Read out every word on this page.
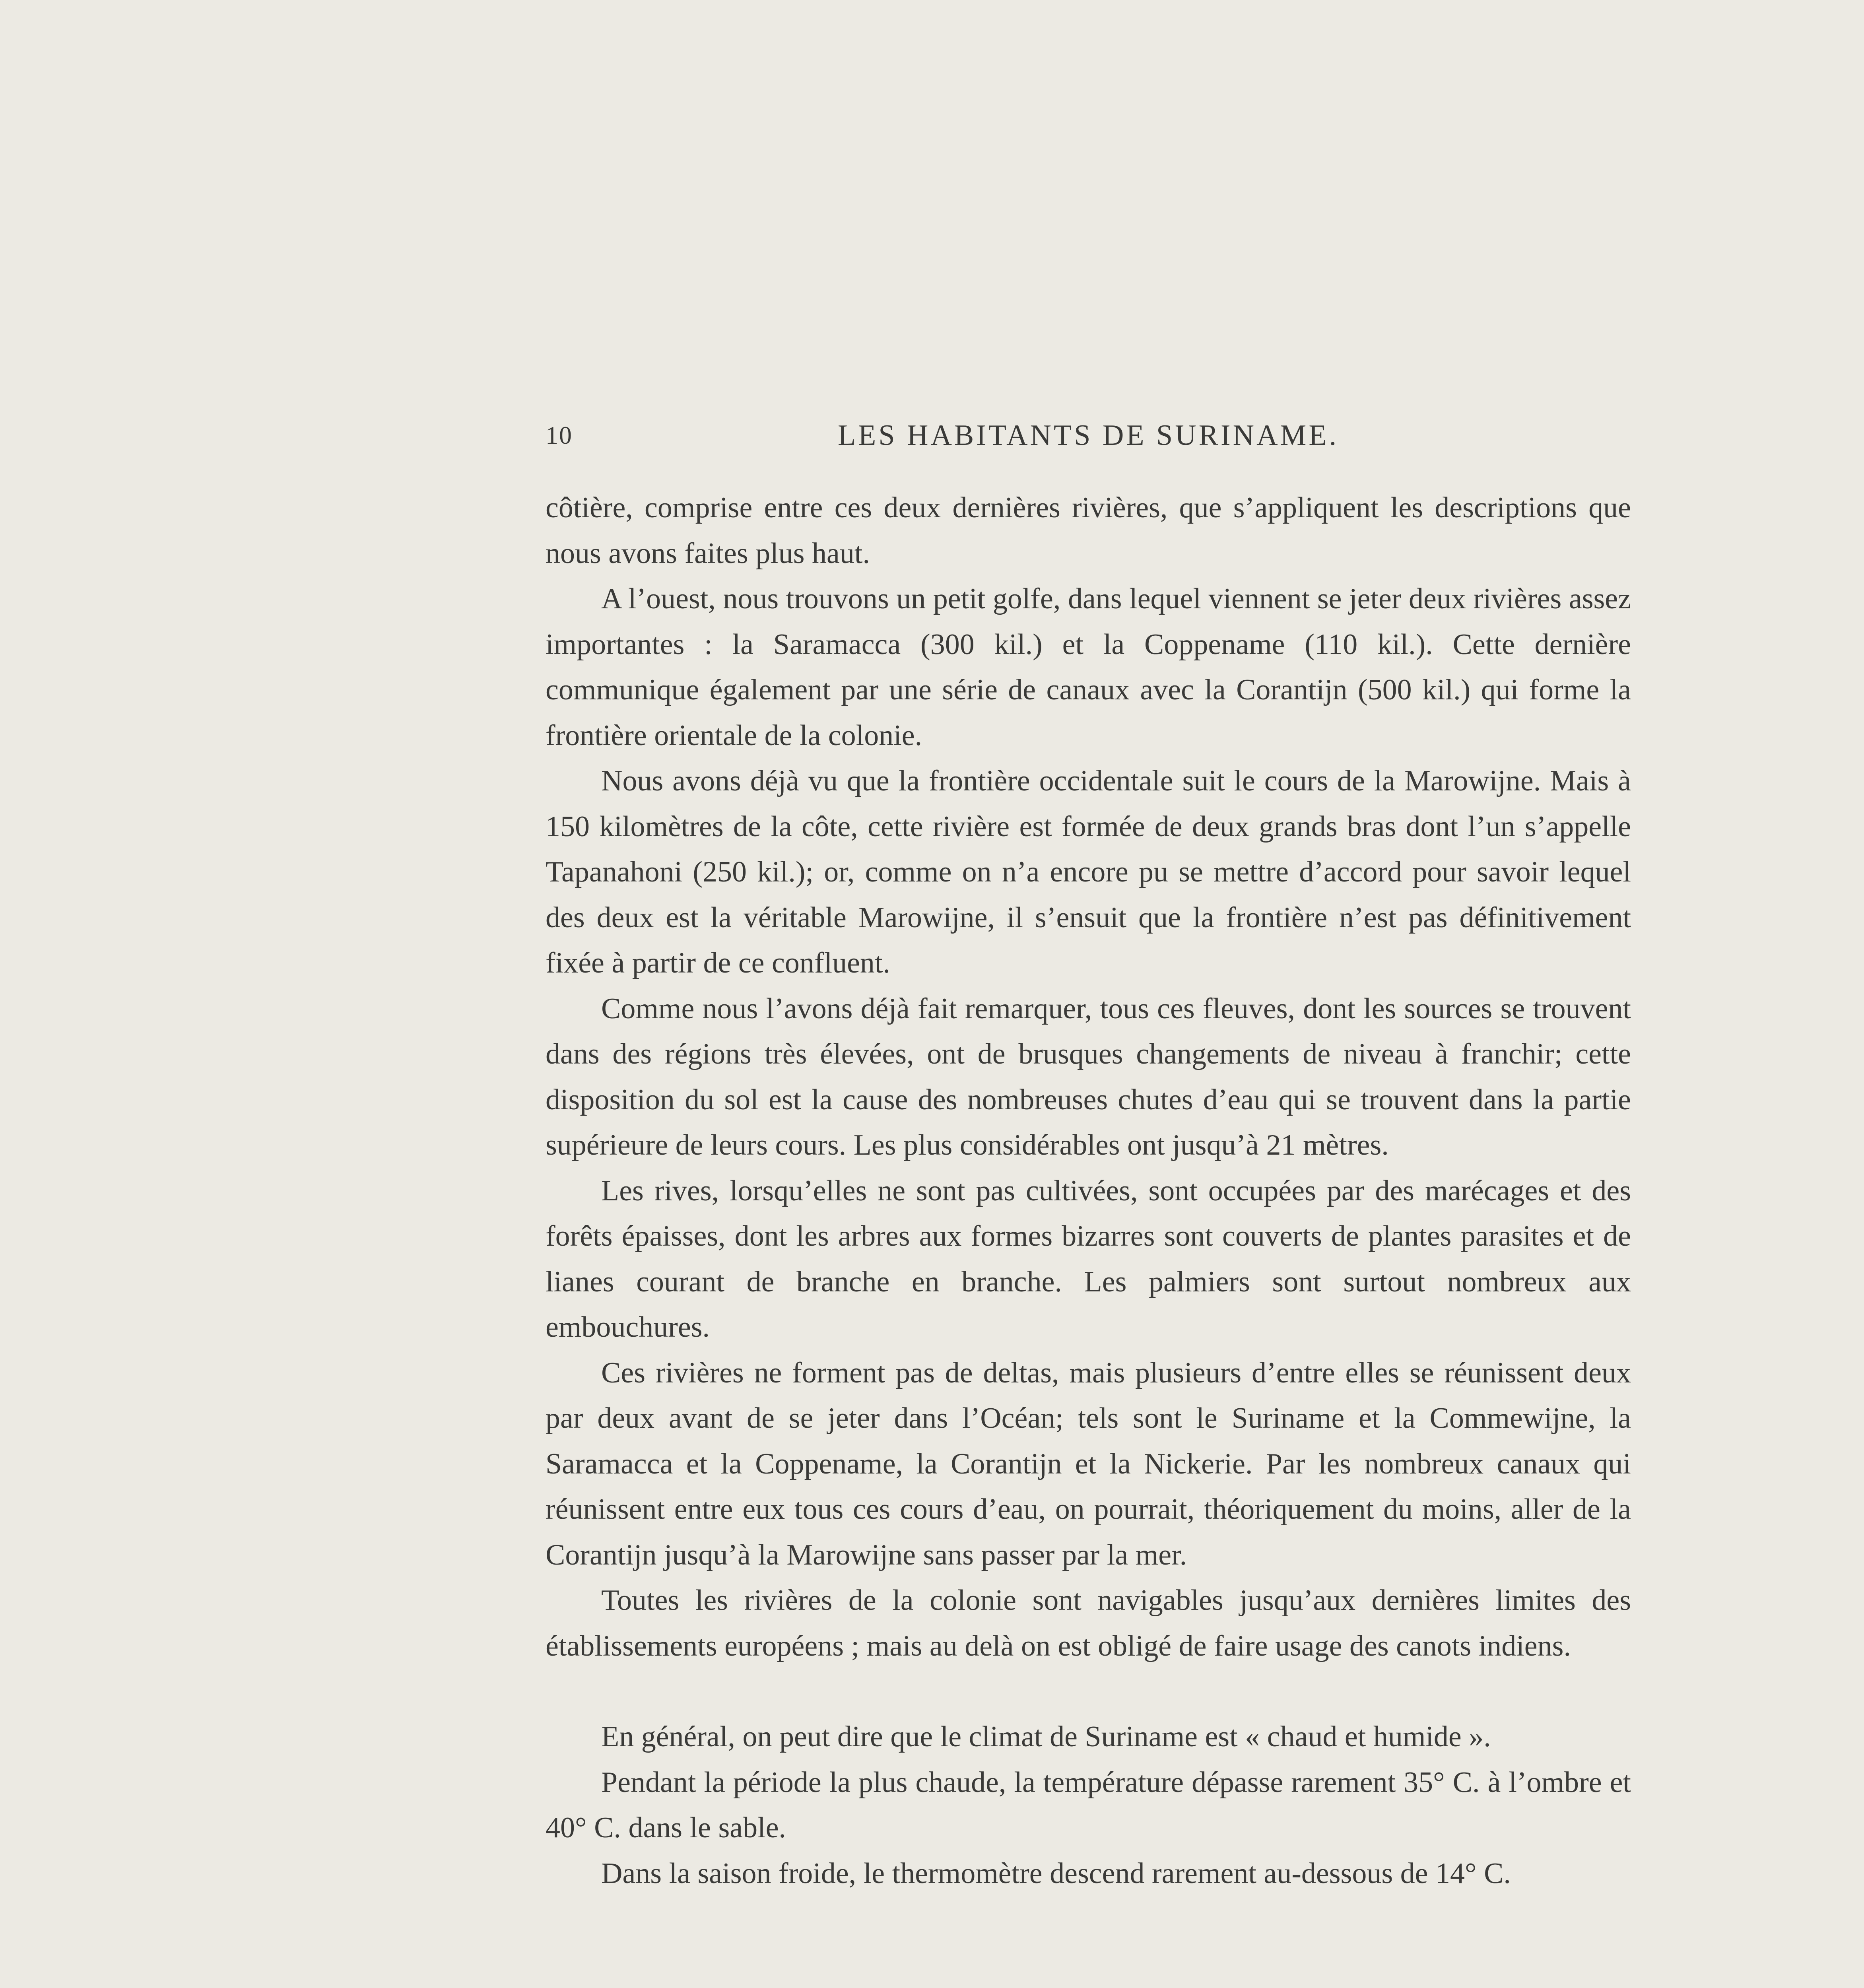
10	LES HABITANTS DE SURINAME.

côtière, comprise entre ces deux dernières rivières, que s’appliquent les descriptions que nous avons faites plus haut.

A l’ouest, nous trouvons un petit golfe, dans lequel viennent se jeter deux rivières assez importantes : la Saramacca (300 kil.) et la Coppename (110 kil.). Cette dernière communique également par une série de canaux avec la Corantijn (500 kil.) qui forme la frontière orientale de la colonie.

Nous avons déjà vu que la frontière occidentale suit le cours de la Marowijne. Mais à 150 kilomètres de la côte, cette rivière est formée de deux grands bras dont l’un s’appelle Tapanahoni (250 kil.); or, comme on n’a encore pu se mettre d’accord pour savoir lequel des deux est la véritable Marowijne, il s’ensuit que la frontière n’est pas définitivement fixée à partir de ce confluent.

Comme nous l’avons déjà fait remarquer, tous ces fleuves, dont les sources se trouvent dans des régions très élevées, ont de brusques changements de niveau à franchir; cette disposition du sol est la cause des nombreuses chutes d’eau qui se trouvent dans la partie supérieure de leurs cours. Les plus considérables ont jusqu’à 21 mètres.

Les rives, lorsqu’elles ne sont pas cultivées, sont occupées par des marécages et des forêts épaisses, dont les arbres aux formes bizarres sont couverts de plantes parasites et de lianes courant de branche en branche. Les palmiers sont surtout nombreux aux embouchures.

Ces rivières ne forment pas de deltas, mais plusieurs d’entre elles se réunissent deux par deux avant de se jeter dans l’Océan; tels sont le Suriname et la Commewijne, la Saramacca et la Coppename, la Corantijn et la Nickerie. Par les nombreux canaux qui réunissent entre eux tous ces cours d’eau, on pourrait, théoriquement du moins, aller de la Corantijn jusqu’à la Marowijne sans passer par la mer.

Toutes les rivières de la colonie sont navigables jusqu’aux dernières limites des établissements européens ; mais au delà on est obligé de faire usage des canots indiens.

En général, on peut dire que le climat de Suriname est « chaud et humide ».

Pendant la période la plus chaude, la température dépasse rarement 35° C. à l’ombre et 40° C. dans le sable.

Dans la saison froide, le thermomètre descend rarement au-dessous de 14° C.
